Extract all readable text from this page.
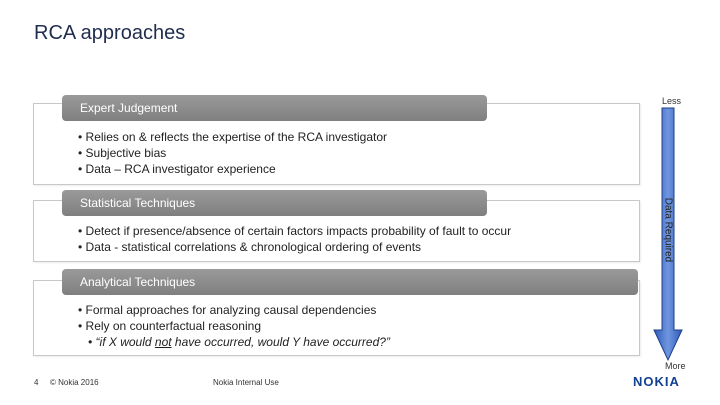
RCA approaches
Expert Judgement
• Relies on & reflects the expertise of the RCA investigator
• Subjective bias
• Data – RCA investigator experience
Statistical Techniques
• Detect if presence/absence of certain factors impacts probability of fault to occur
• Data - statistical correlations & chronological ordering of events
Analytical Techniques
• Formal approaches for analyzing causal dependencies
• Rely on counterfactual reasoning
• “if X would not have occurred, would Y have occurred?”
Less
Data Required
More
4 © Nokia 2016	Nokia Internal Use	NOKIA
